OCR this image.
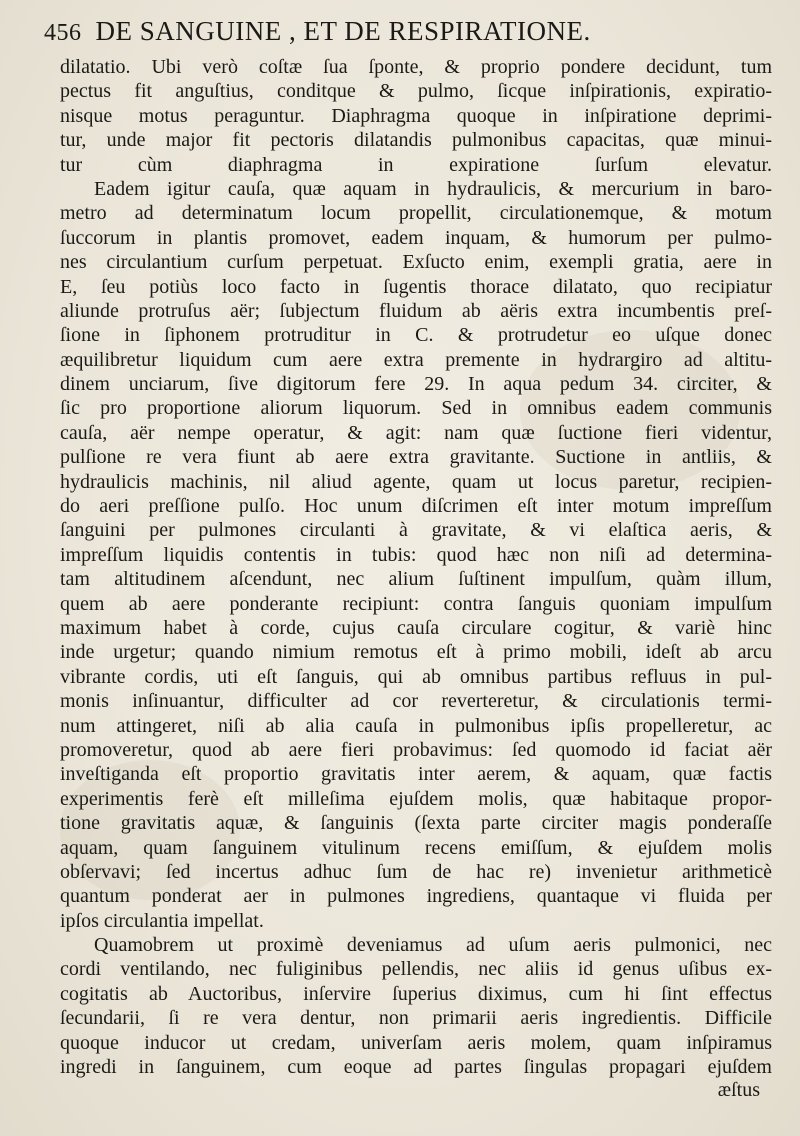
456 DE SANGUINE , ET DE RESPIRATIONE.
dilatatio. Ubi verò coſtæ ſua ſponte, & proprio pondere decidunt, tum
pectus fit anguſtius, conditque & pulmo, ſicque inſpirationis, expiratio-
nisque motus peraguntur. Diaphragma quoque in inſpiratione deprimi-
tur, unde major fit pectoris dilatandis pulmonibus capacitas, quæ minui-
tur cùm diaphragma in expiratione ſurſum elevatur.
Eadem igitur cauſa, quæ aquam in hydraulicis, & mercurium in baro-
metro ad determinatum locum propellit, circulationemque, & motum
ſuccorum in plantis promovet, eadem inquam, & humorum per pulmo-
nes circulantium curſum perpetuat. Exſucto enim, exempli gratia, aere in
E, ſeu potiùs loco facto in ſugentis thorace dilatato, quo recipiatur
aliunde protruſus aër; ſubjectum fluidum ab aëris extra incumbentis preſ-
ſione in ſiphonem protruditur in C. & protrudetur eo uſque donec
æquilibretur liquidum cum aere extra premente in hydrargiro ad altitu-
dinem unciarum, ſive digitorum fere 29. In aqua pedum 34. circiter, &
ſic pro proportione aliorum liquorum. Sed in omnibus eadem communis
cauſa, aër nempe operatur, & agit: nam quæ ſuctione fieri videntur,
pulſione re vera fiunt ab aere extra gravitante. Suctione in antliis, &
hydraulicis machinis, nil aliud agente, quam ut locus paretur, recipien-
do aeri preſſione pulſo. Hoc unum diſcrimen eſt inter motum impreſſum
ſanguini per pulmones circulanti à gravitate, & vi elaſtica aeris, &
impreſſum liquidis contentis in tubis: quod hæc non niſi ad determina-
tam altitudinem aſcendunt, nec alium ſuſtinent impulſum, quàm illum,
quem ab aere ponderante recipiunt: contra ſanguis quoniam impulſum
maximum habet à corde, cujus cauſa circulare cogitur, & variè hinc
inde urgetur; quando nimium remotus eſt à primo mobili, ideſt ab arcu
vibrante cordis, uti eſt ſanguis, qui ab omnibus partibus refluus in pul-
monis inſinuantur, difficulter ad cor reverteretur, & circulationis termi-
num attingeret, niſi ab alia cauſa in pulmonibus ipſis propelleretur, ac
promoveretur, quod ab aere fieri probavimus: ſed quomodo id faciat aër
inveſtiganda eſt proportio gravitatis inter aerem, & aquam, quæ factis
experimentis ferè eſt milleſima ejuſdem molis, quæ habitaque propor-
tione gravitatis aquæ, & ſanguinis (ſexta parte circiter magis ponderaſſe
aquam, quam ſanguinem vitulinum recens emiſſum, & ejuſdem molis
obſervavi; ſed incertus adhuc ſum de hac re) invenietur arithmeticè
quantum ponderat aer in pulmones ingrediens, quantaque vi fluida per
ipſos circulantia impellat.
Quamobrem ut proximè deveniamus ad uſum aeris pulmonici, nec
cordi ventilando, nec fuliginibus pellendis, nec aliis id genus uſibus ex-
cogitatis ab Auctoribus, inſervire ſuperius diximus, cum hi ſint effectus
ſecundarii, ſi re vera dentur, non primarii aeris ingredientis. Difficile
quoque inducor ut credam, univerſam aeris molem, quam inſpiramus
ingredi in ſanguinem, cum eoque ad partes ſingulas propagari ejuſdem
æſtus
